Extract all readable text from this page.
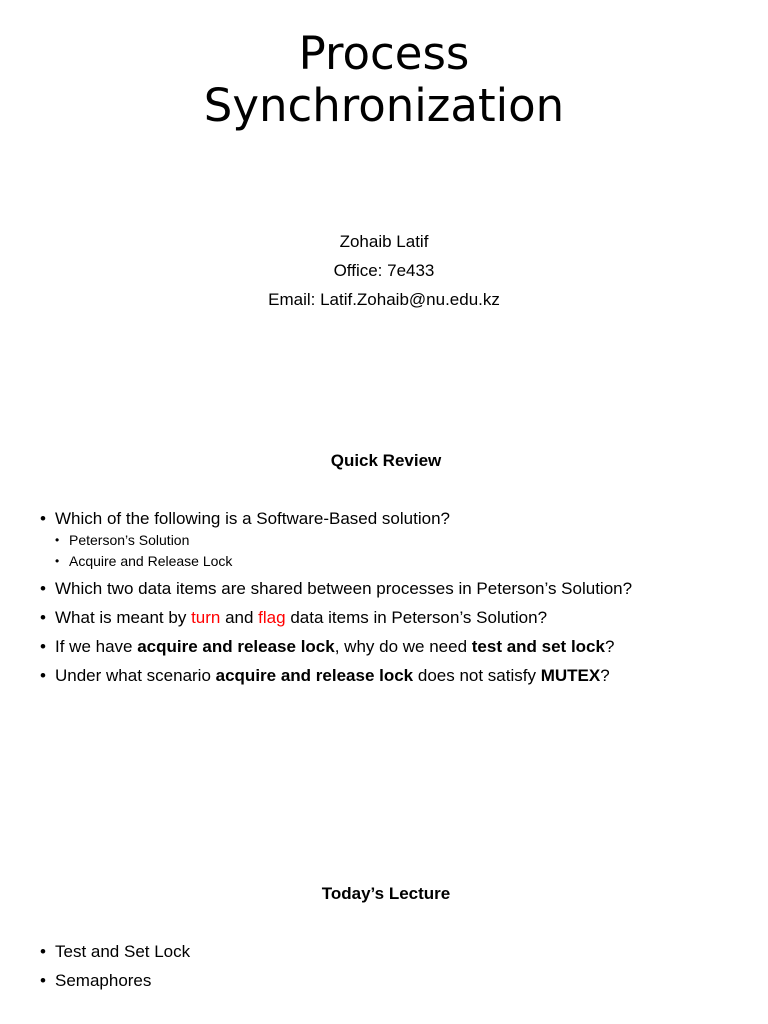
Process
Synchronization
Zohaib Latif
Office: 7e433
Email: Latif.Zohaib@nu.edu.kz
Quick Review
• Which of the following is a Software-Based solution?
• Peterson’s Solution
• Acquire and Release Lock
• Which two data items are shared between processes in Peterson’s Solution?
• What is meant by turn and flag data items in Peterson’s Solution?
• If we have acquire and release lock, why do we need test and set lock?
• Under what scenario acquire and release lock does not satisfy MUTEX?
Today’s Lecture
• Test and Set Lock
• Semaphores
